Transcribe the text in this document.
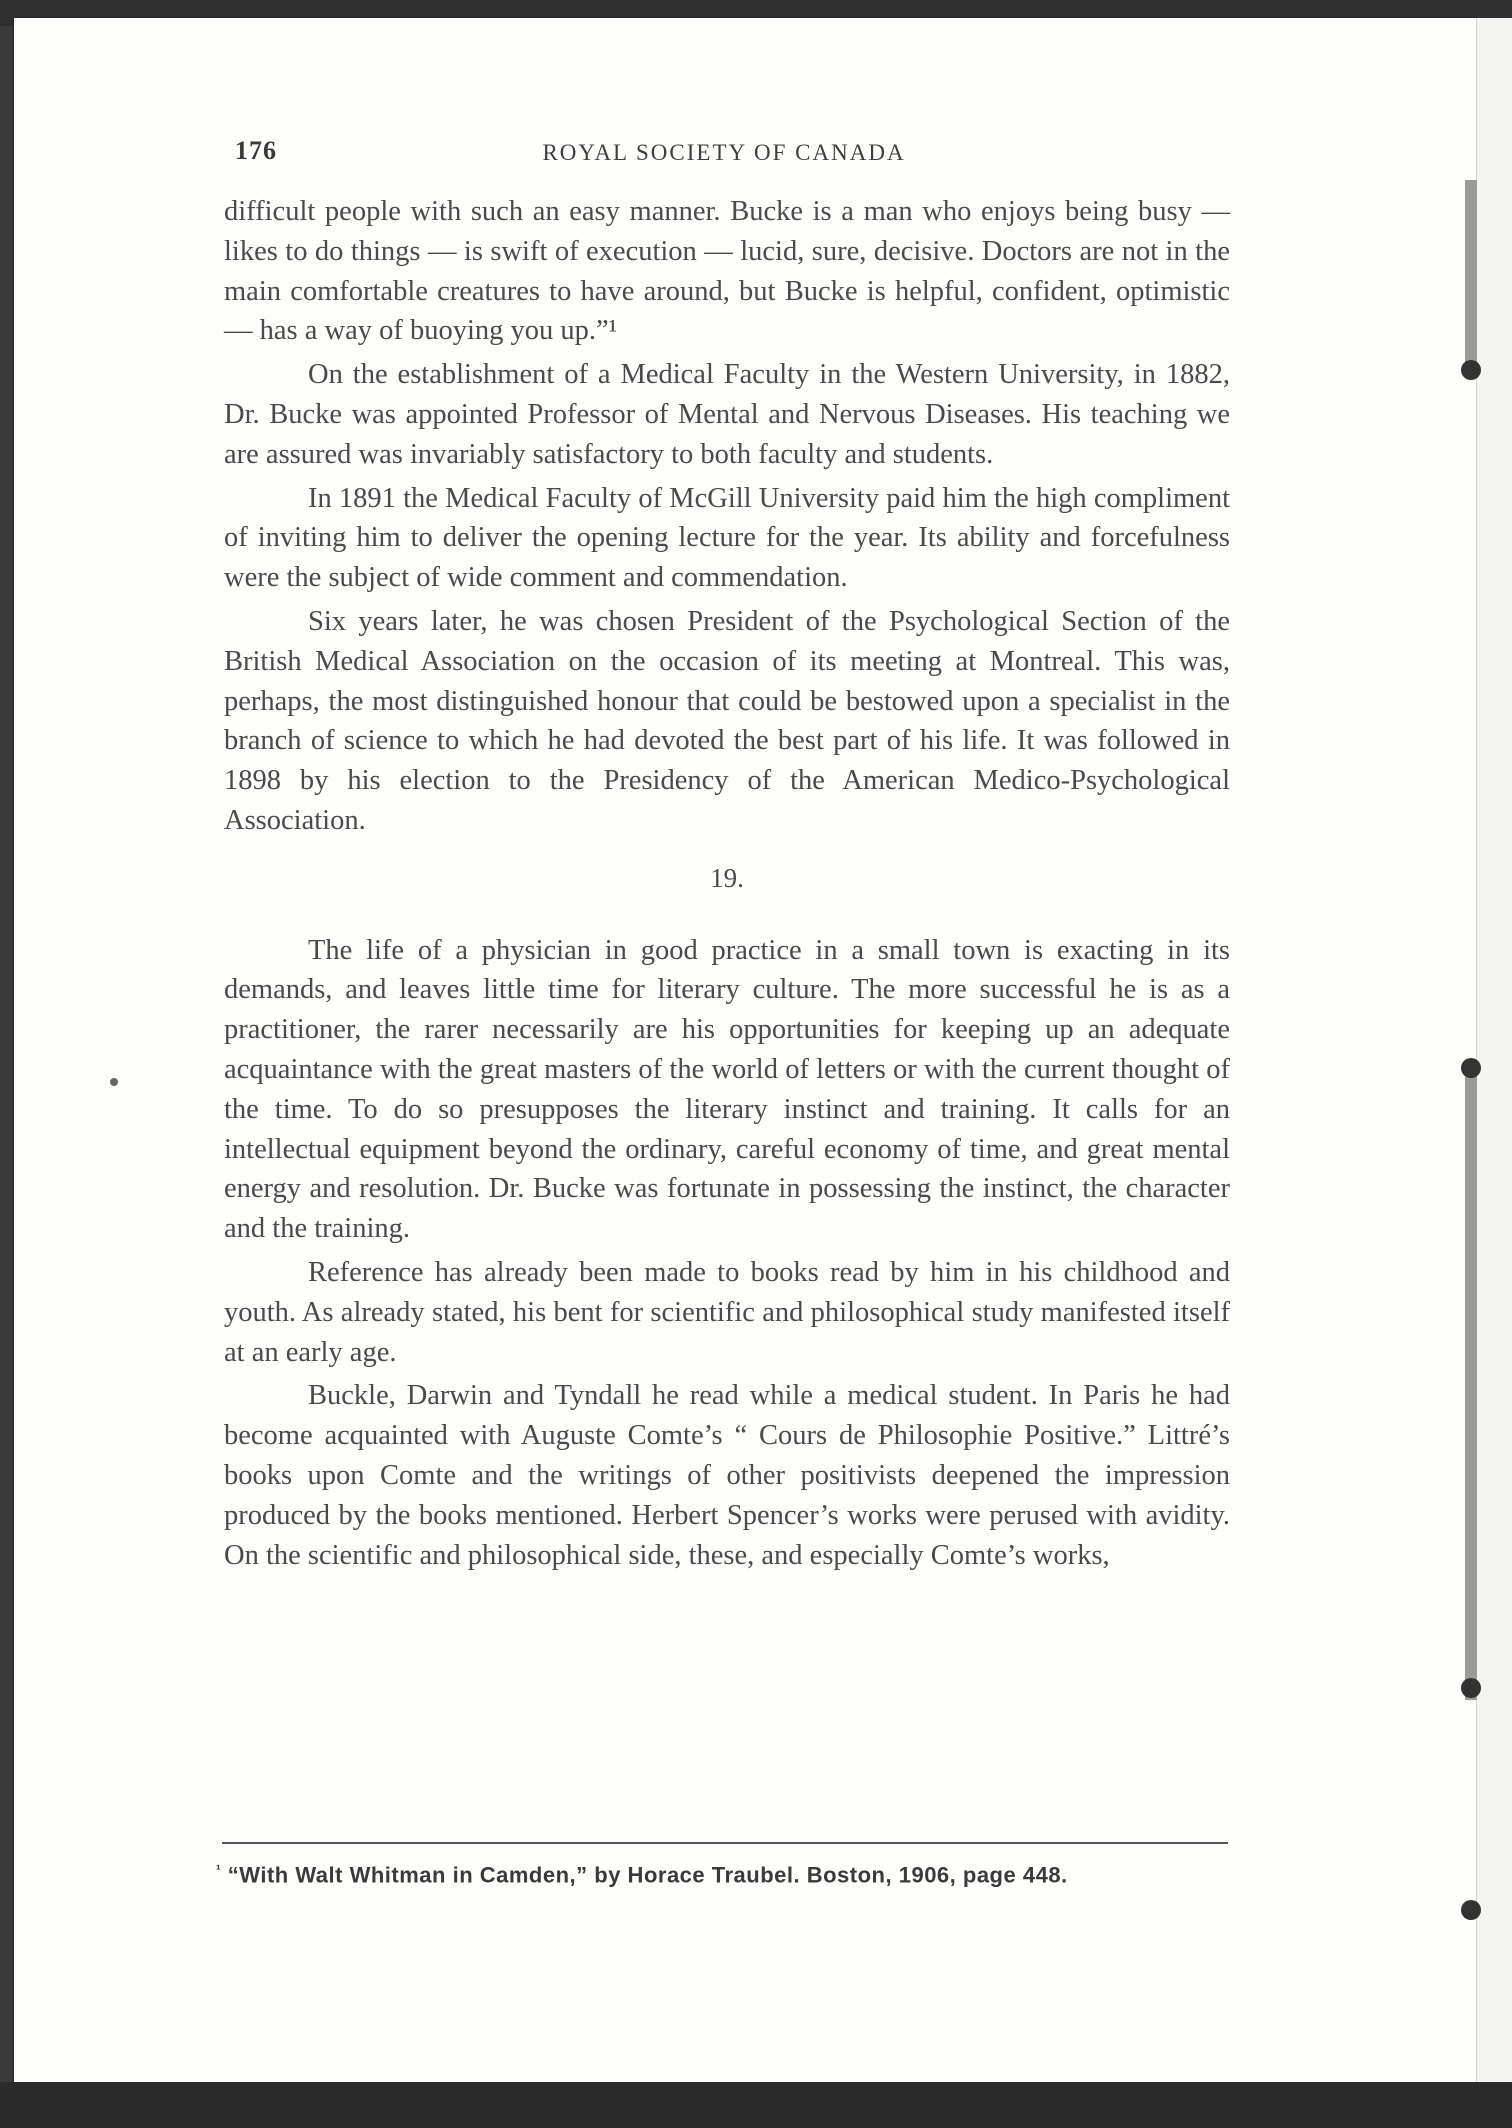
176	ROYAL SOCIETY OF CANADA

difficult people with such an easy manner. Bucke is a man who enjoys being busy — likes to do things — is swift of execution — lucid, sure, decisive. Doctors are not in the main comfortable creatures to have around, but Bucke is helpful, confident, optimistic — has a way of buoying you up.”¹

On the establishment of a Medical Faculty in the Western University, in 1882, Dr. Bucke was appointed Professor of Mental and Nervous Diseases. His teaching we are assured was invariably satisfactory to both faculty and students.

In 1891 the Medical Faculty of McGill University paid him the high compliment of inviting him to deliver the opening lecture for the year. Its ability and forcefulness were the subject of wide comment and commendation.

Six years later, he was chosen President of the Psychological Section of the British Medical Association on the occasion of its meeting at Montreal. This was, perhaps, the most distinguished honour that could be bestowed upon a specialist in the branch of science to which he had devoted the best part of his life. It was followed in 1898 by his election to the Presidency of the American Medico-Psychological Association.

19.

The life of a physician in good practice in a small town is exacting in its demands, and leaves little time for literary culture. The more successful he is as a practitioner, the rarer necessarily are his opportunities for keeping up an adequate acquaintance with the great masters of the world of letters or with the current thought of the time. To do so presupposes the literary instinct and training. It calls for an intellectual equipment beyond the ordinary, careful economy of time, and great mental energy and resolution. Dr. Bucke was fortunate in possessing the instinct, the character and the training.

Reference has already been made to books read by him in his childhood and youth. As already stated, his bent for scientific and philosophical study manifested itself at an early age.

Buckle, Darwin and Tyndall he read while a medical student. In Paris he had become acquainted with Auguste Comte’s “ Cours de Philosophie Positive.” Littré’s books upon Comte and the writings of other positivists deepened the impression produced by the books mentioned. Herbert Spencer’s works were perused with avidity. On the scientific and philosophical side, these, and especially Comte’s works,

$^{^1}$ “With Walt Whitman in Camden,” by Horace Traubel. Boston, 1906, page 448.
